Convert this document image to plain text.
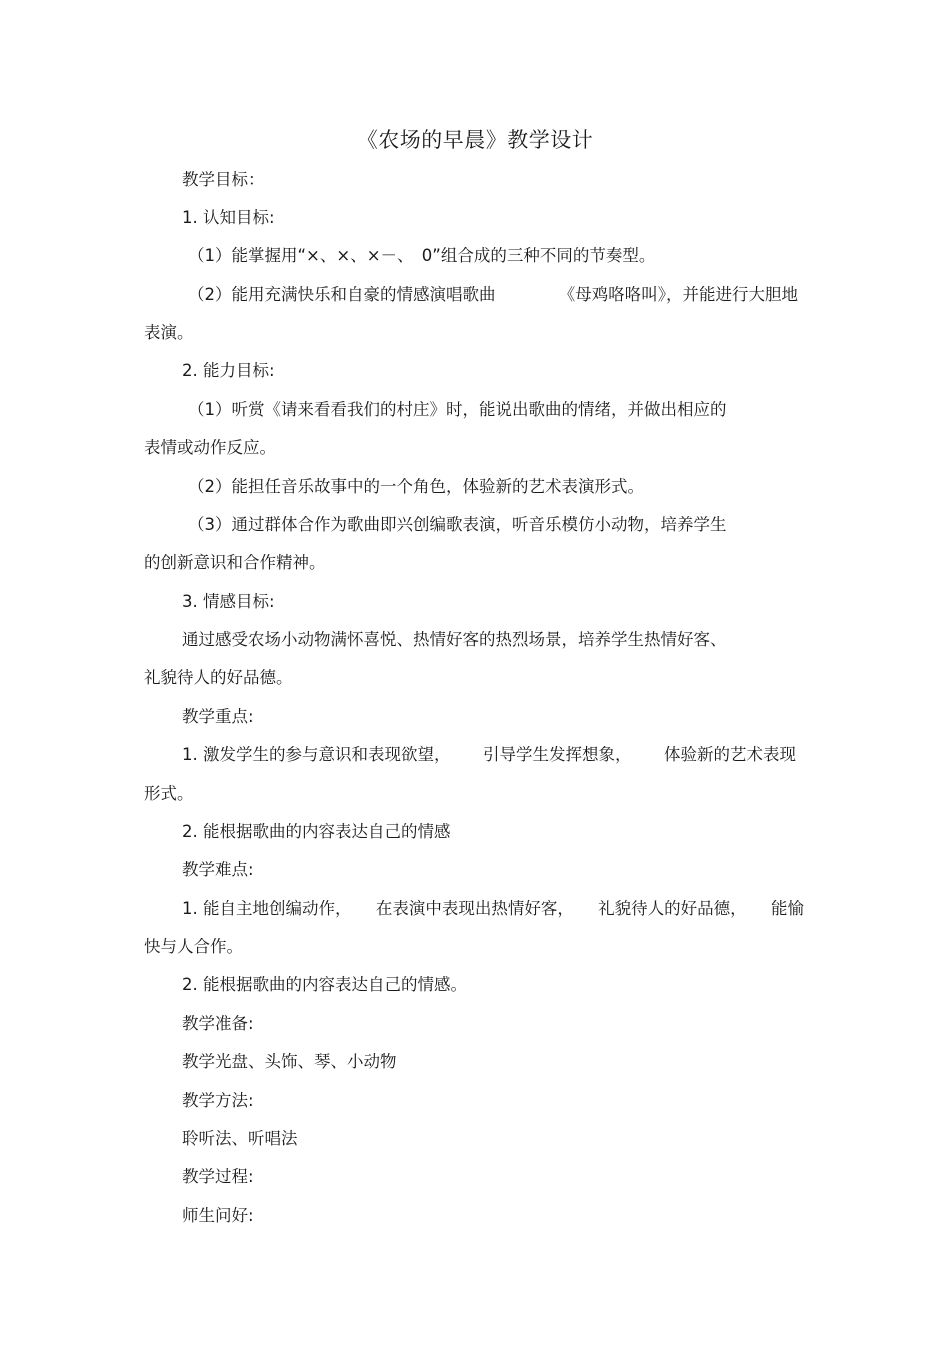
《农场的早晨》教学设计
教学目标：
1. 认知目标:
（1）能掌握用“×、×、×－、　0”组合成的三种不同的节奏型。
（2）能用充满快乐和自豪的情感演唱歌曲	《母鸡咯咯叫》，并能进行大胆地
表演。
2. 能力目标:
（1）听赏《请来看看我们的村庄》时，能说出歌曲的情绪，并做出相应的
表情或动作反应。
（2）能担任音乐故事中的一个角色，体验新的艺术表演形式。
（3）通过群体合作为歌曲即兴创编歌表演，听音乐模仿小动物，培养学生
的创新意识和合作精神。
3. 情感目标:
通过感受农场小动物满怀喜悦、热情好客的热烈场景，培养学生热情好客、
礼貌待人的好品德。
教学重点:
1. 激发学生的参与意识和表现欲望， 引导学生发挥想象， 体验新的艺术表现
形式。
2. 能根据歌曲的内容表达自己的情感
教学难点:
1. 能自主地创编动作， 在表演中表现出热情好客， 礼貌待人的好品德， 能愉
快与人合作。
2. 能根据歌曲的内容表达自己的情感。
教学准备:
教学光盘、头饰、琴、小动物
教学方法:
聆听法、听唱法
教学过程:
师生问好:
